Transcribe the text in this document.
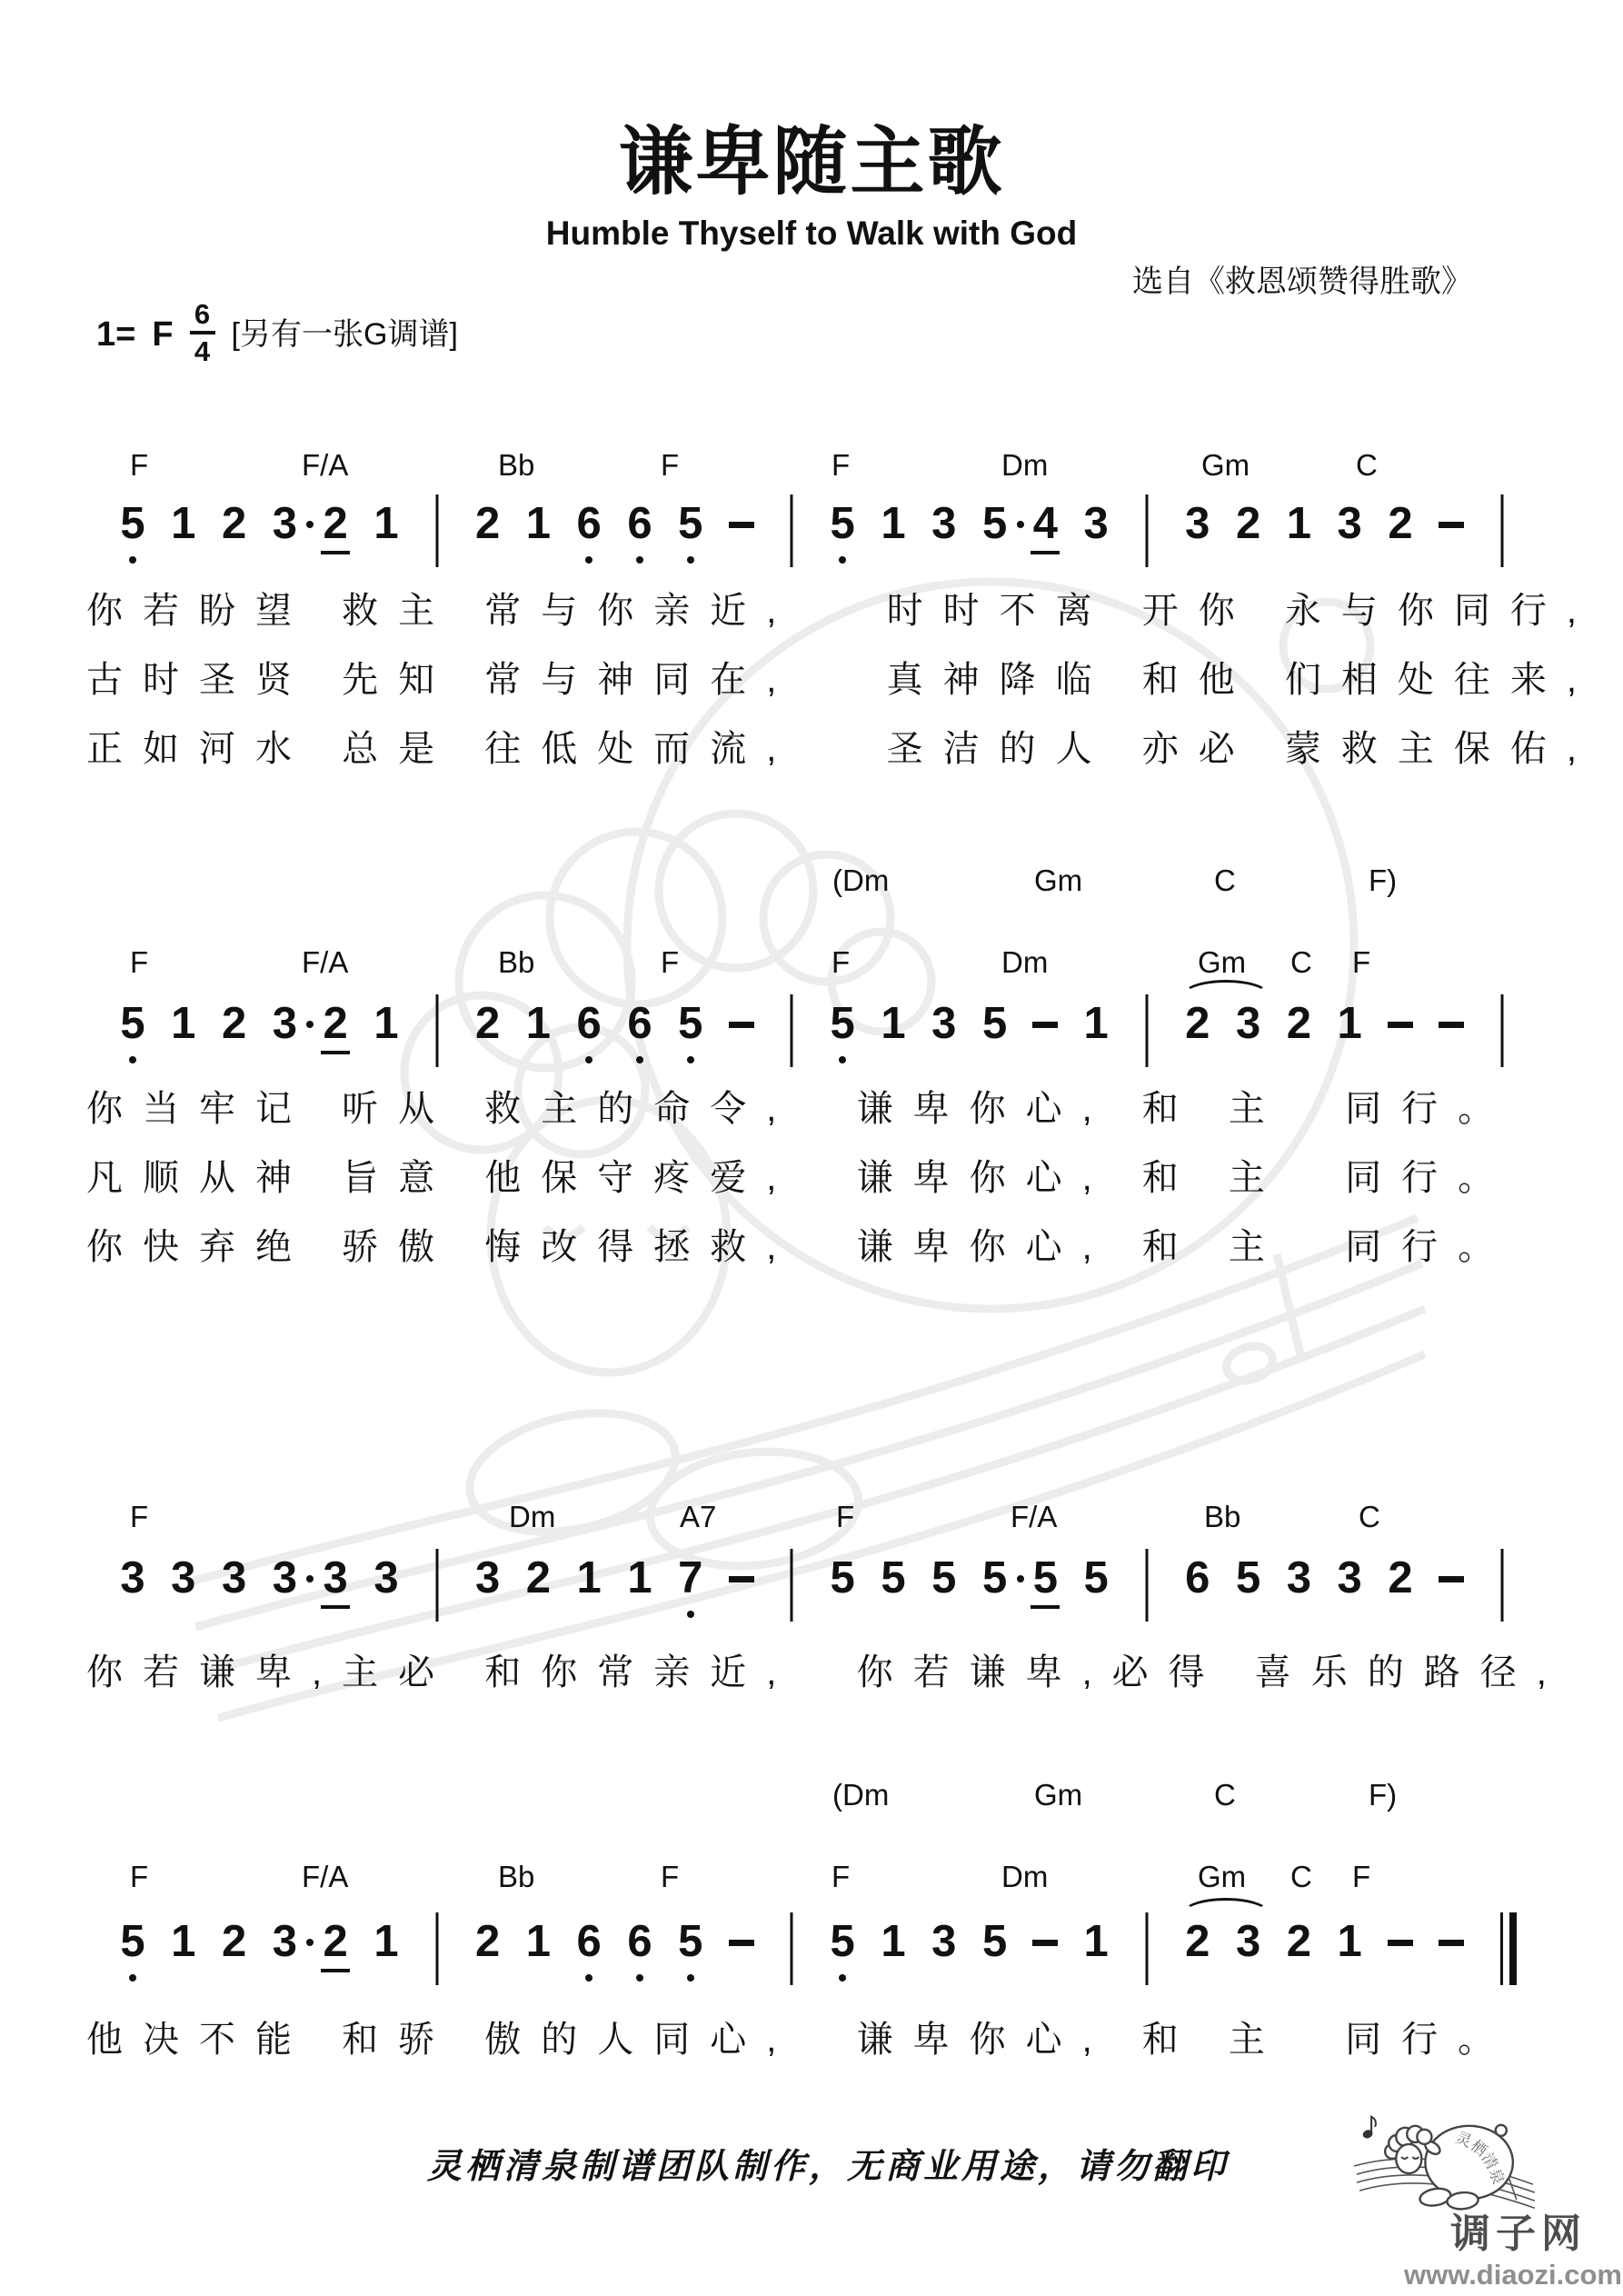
谦卑随主歌
Humble Thyself to Walk with God
选自《救恩颂赞得胜歌》
1= F
6
4 [另有一张G调谱]
F	F/A	Bb	F	F	Dm	Gm	C
5 1 2 3 2 1 2 1 6 6 5	5 1 3 5 4 3 3 2 1 3 2
你若盼望 救主 常与你亲近,   时时不离 开你 永与你同行,
古时圣贤 先知 常与神同在,   真神降临 和他 们相处往来,
正如河水 总是 往低处而流,   圣洁的人 亦必 蒙救主保佑,
(Dm	Gm	C	F)
F	F/A	Bb	F	F	Dm	Gm C F
5 1 2 3 2 1 2 1 6 6 5	5 1 3 5 1 2 3 2 1
你当牢记 听从 救主的命令,  谦卑你心, 和 主  同行。
凡顺从神 旨意 他保守疼爱,  谦卑你心, 和 主  同行。
你快弃绝 骄傲 悔改得拯救,  谦卑你心, 和 主  同行。
F	Dm	A7	F	F/A	Bb	C
3 3 3 3 3 3 3 2 1 1 7	5 5 5 5 5 5 6 5 3 3 2
你若谦卑,主必 和你常亲近,  你若谦卑,必得 喜乐的路径,
(Dm	Gm	C	F)
F	F/A	Bb	F	F	Dm	Gm C F
5 1 2 3 2 1 2 1 6 6 5	5 1 3 5 1 2 3 2 1
他决不能 和骄 傲的人同心,  谦卑你心, 和 主  同行。
灵栖清泉制谱团队制作，无商业用途，请勿翻印
灵栖清泉
调子网
www.diaozi.com
